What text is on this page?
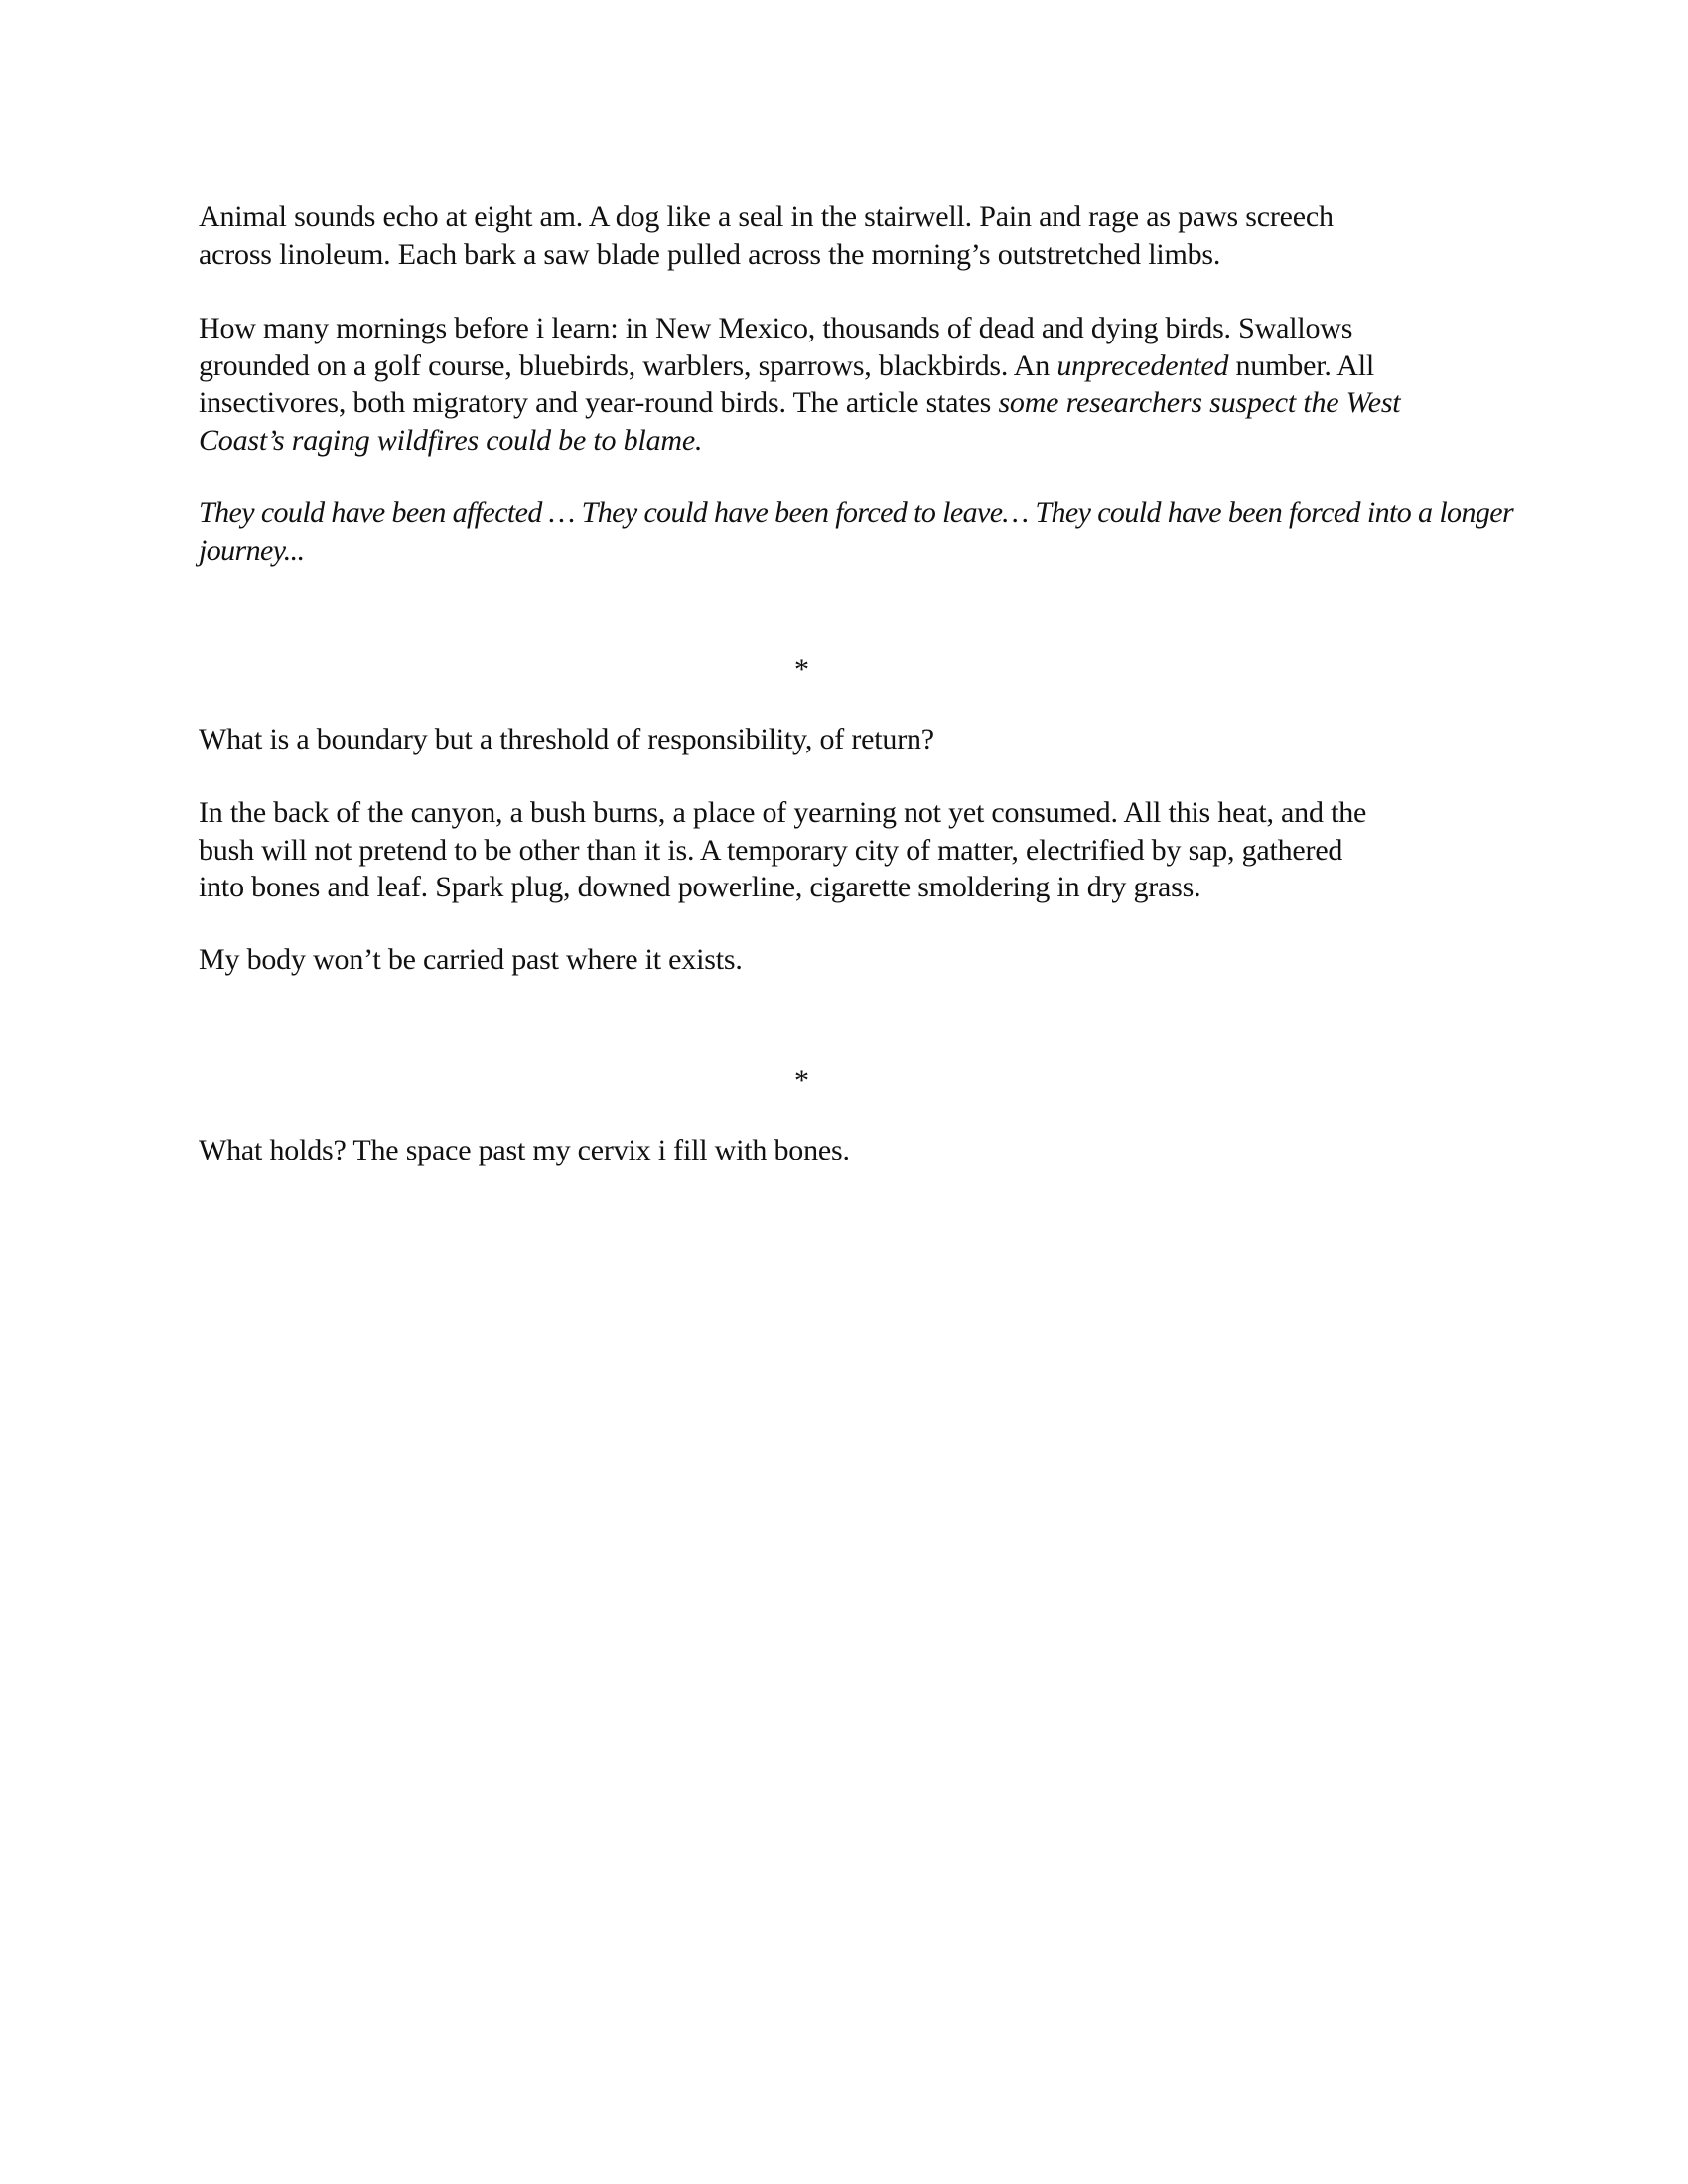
Animal sounds echo at eight am. A dog like a seal in the stairwell. Pain and rage as paws screech
across linoleum. Each bark a saw blade pulled across the morning’s outstretched limbs.

How many mornings before i learn: in New Mexico, thousands of dead and dying birds. Swallows
grounded on a golf course, bluebirds, warblers, sparrows, blackbirds. An unprecedented number. All
insectivores, both migratory and year-round birds. The article states some researchers suspect the West
Coast’s raging wildfires could be to blame.

They could have been affected … They could have been forced to leave… They could have been forced into a longer
journey...

*

What is a boundary but a threshold of responsibility, of return?

In the back of the canyon, a bush burns, a place of yearning not yet consumed. All this heat, and the
bush will not pretend to be other than it is. A temporary city of matter, electrified by sap, gathered
into bones and leaf. Spark plug, downed powerline, cigarette smoldering in dry grass.

My body won’t be carried past where it exists.

*

What holds? The space past my cervix i fill with bones.
